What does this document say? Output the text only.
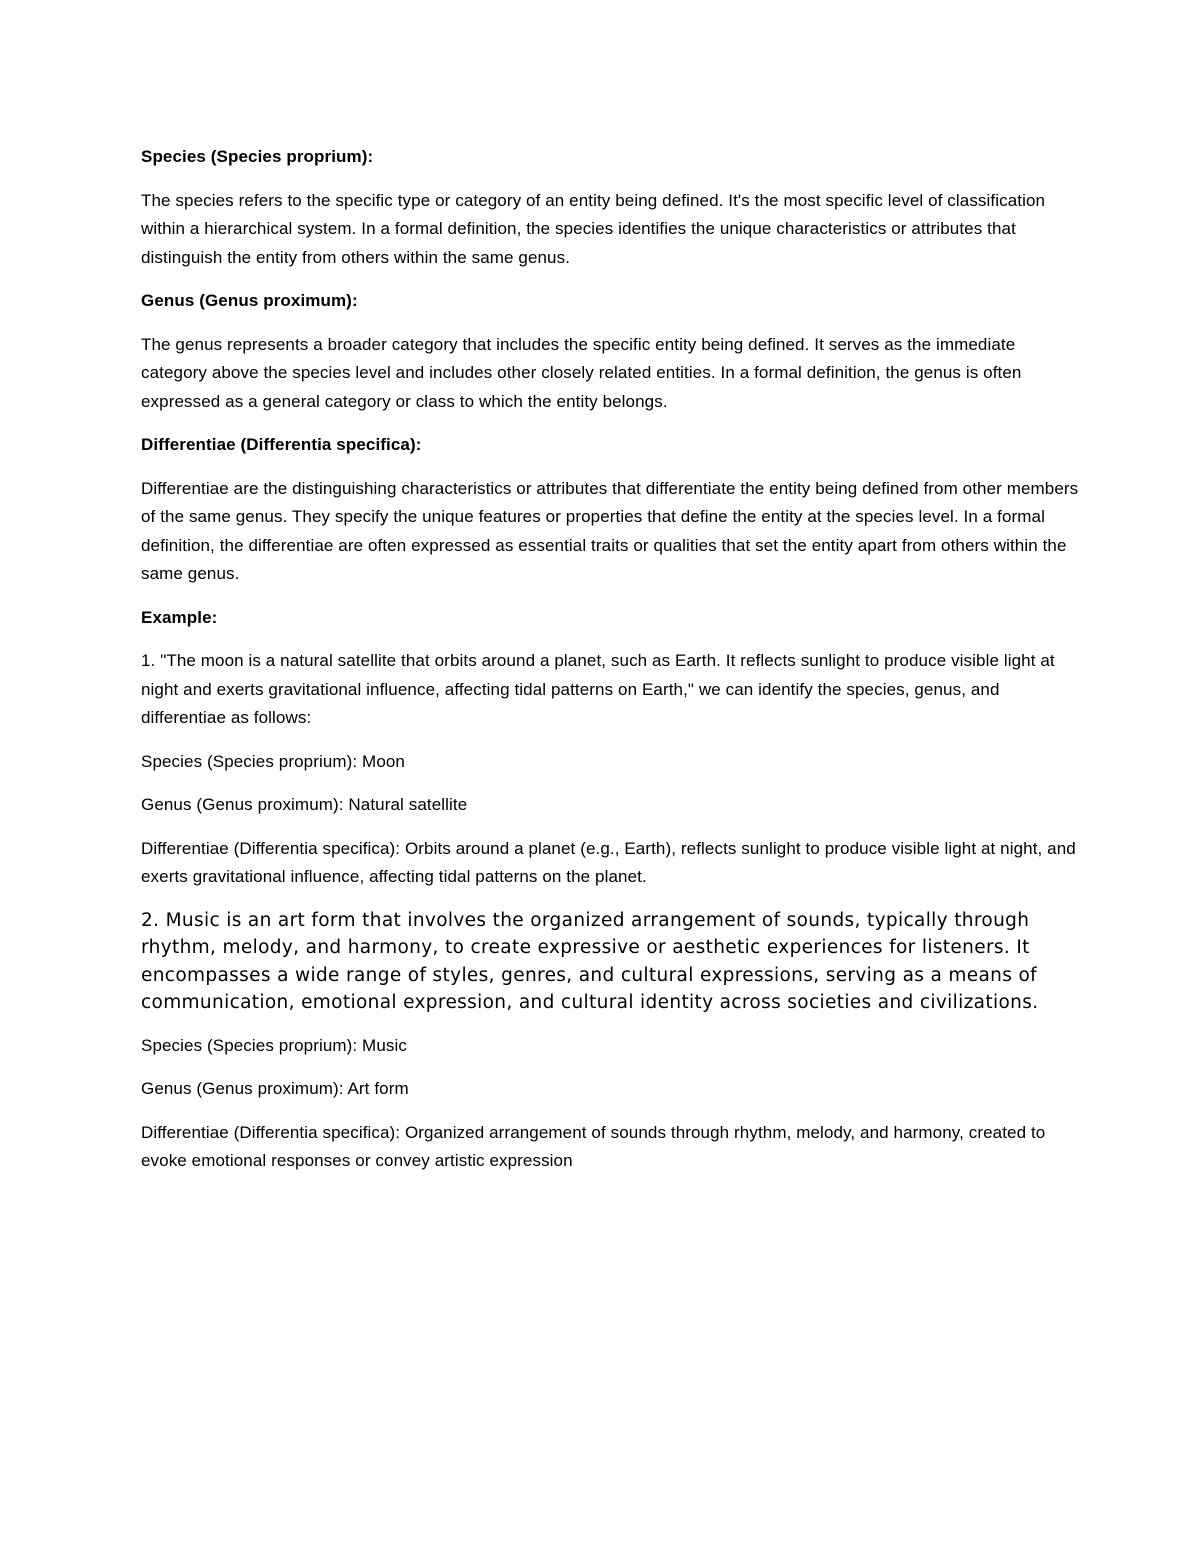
Species (Species proprium):

The species refers to the specific type or category of an entity being defined. It's the most specific level of classification within a hierarchical system. In a formal definition, the species identifies the unique characteristics or attributes that distinguish the entity from others within the same genus.

Genus (Genus proximum):

The genus represents a broader category that includes the specific entity being defined. It serves as the immediate category above the species level and includes other closely related entities. In a formal definition, the genus is often expressed as a general category or class to which the entity belongs.

Differentiae (Differentia specifica):

Differentiae are the distinguishing characteristics or attributes that differentiate the entity being defined from other members of the same genus. They specify the unique features or properties that define the entity at the species level. In a formal definition, the differentiae are often expressed as essential traits or qualities that set the entity apart from others within the same genus.

Example:

1. "The moon is a natural satellite that orbits around a planet, such as Earth. It reflects sunlight to produce visible light at night and exerts gravitational influence, affecting tidal patterns on Earth," we can identify the species, genus, and differentiae as follows:

Species (Species proprium): Moon

Genus (Genus proximum): Natural satellite

Differentiae (Differentia specifica): Orbits around a planet (e.g., Earth), reflects sunlight to produce visible light at night, and exerts gravitational influence, affecting tidal patterns on the planet.

2. Music is an art form that involves the organized arrangement of sounds, typically through rhythm, melody, and harmony, to create expressive or aesthetic experiences for listeners. It encompasses a wide range of styles, genres, and cultural expressions, serving as a means of communication, emotional expression, and cultural identity across societies and civilizations.

Species (Species proprium): Music

Genus (Genus proximum): Art form

Differentiae (Differentia specifica): Organized arrangement of sounds through rhythm, melody, and harmony, created to evoke emotional responses or convey artistic expression
